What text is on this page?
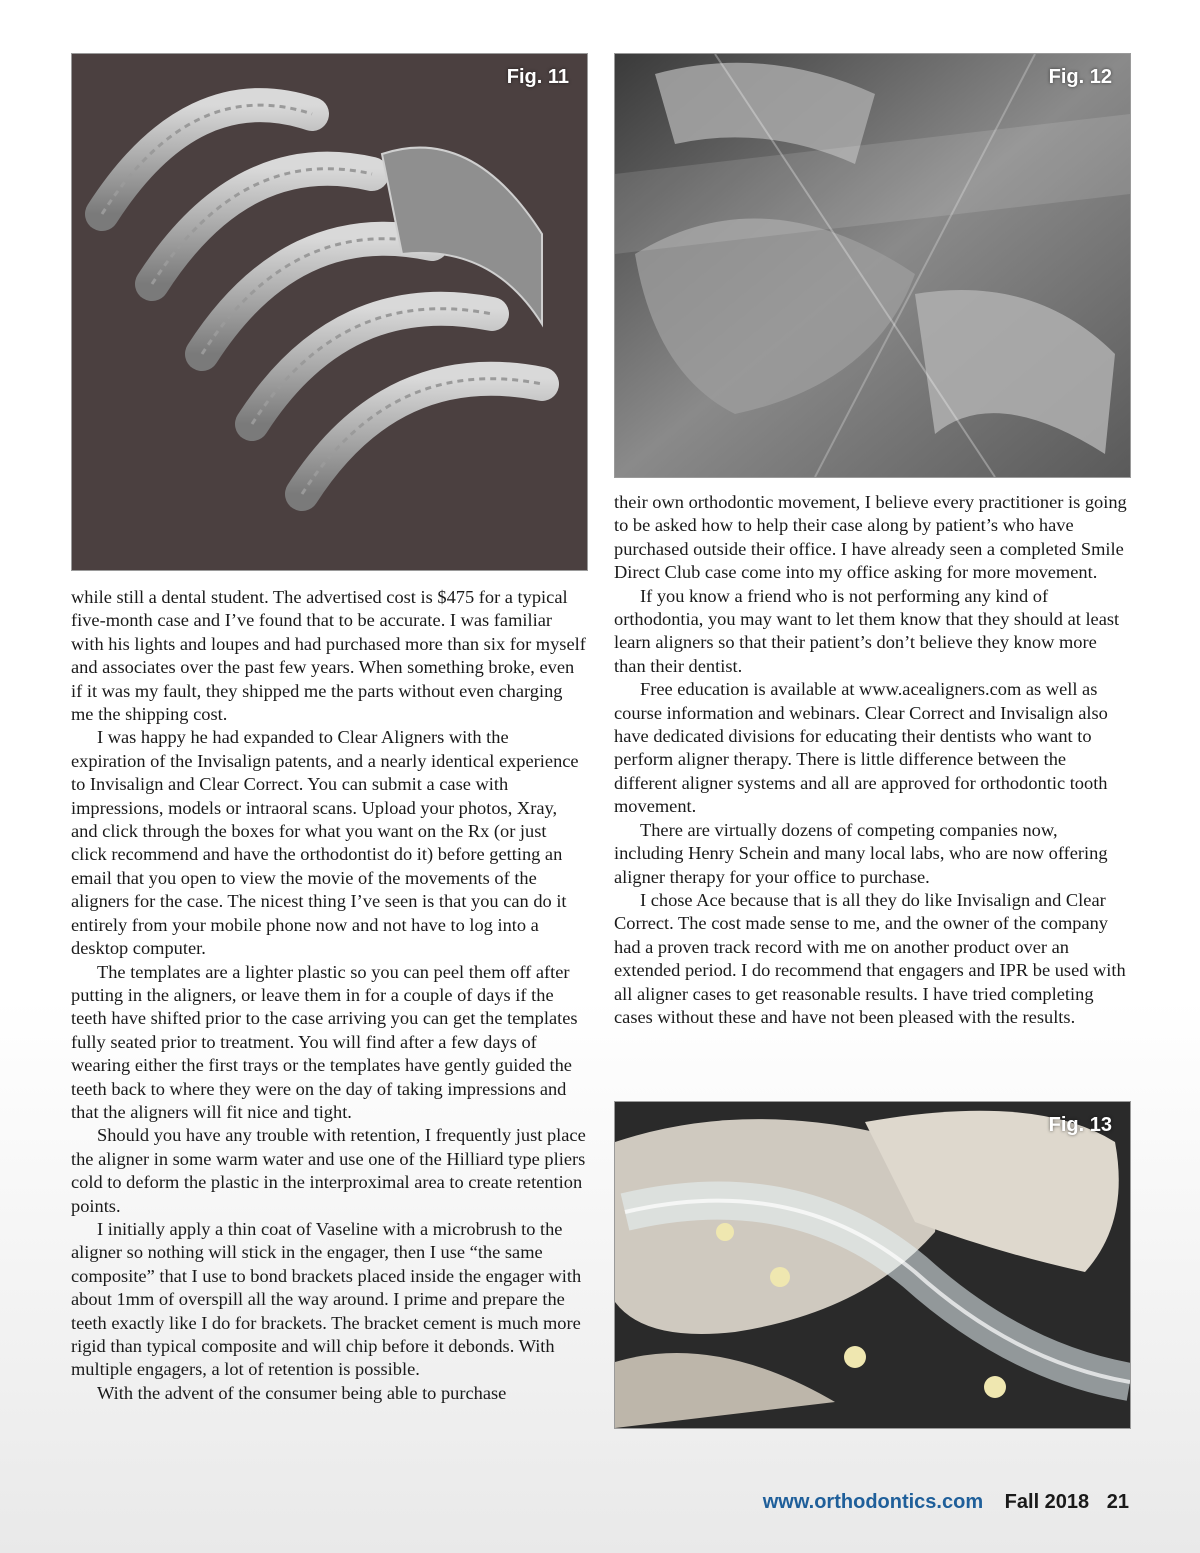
Fig. 11	Fig. 12
Fig. 13

while still a dental student. The advertised cost is $475 for a typical five-month case and I’ve found that to be accurate. I was familiar with his lights and loupes and had purchased more than six for myself and associates over the past few years. When something broke, even if it was my fault, they shipped me the parts without even charging me the shipping cost.

I was happy he had expanded to Clear Aligners with the expiration of the Invisalign patents, and a nearly identical experience to Invisalign and Clear Correct. You can submit a case with impressions, models or intraoral scans. Upload your photos, Xray, and click through the boxes for what you want on the Rx (or just click recommend and have the orthodontist do it) before getting an email that you open to view the movie of the movements of the aligners for the case. The nicest thing I’ve seen is that you can do it entirely from your mobile phone now and not have to log into a desktop computer.

The templates are a lighter plastic so you can peel them off after putting in the aligners, or leave them in for a couple of days if the teeth have shifted prior to the case arriving you can get the templates fully seated prior to treatment. You will find after a few days of wearing either the first trays or the templates have gently guided the teeth back to where they were on the day of taking impressions and that the aligners will fit nice and tight.

Should you have any trouble with retention, I frequently just place the aligner in some warm water and use one of the Hilliard type pliers cold to deform the plastic in the interproximal area to create retention points.

I initially apply a thin coat of Vaseline with a microbrush to the aligner so nothing will stick in the engager, then I use “the same composite” that I use to bond brackets placed inside the engager with about 1mm of overspill all the way around. I prime and prepare the teeth exactly like I do for brackets. The bracket cement is much more rigid than typical composite and will chip before it debonds. With multiple engagers, a lot of retention is possible.

With the advent of the consumer being able to purchase

their own orthodontic movement, I believe every practitioner is going to be asked how to help their case along by patient’s who have purchased outside their office. I have already seen a completed Smile Direct Club case come into my office asking for more movement.

If you know a friend who is not performing any kind of orthodontia, you may want to let them know that they should at least learn aligners so that their patient’s don’t believe they know more than their dentist.

Free education is available at www.acealigners.com as well as course information and webinars. Clear Correct and Invisalign also have dedicated divisions for educating their dentists who want to perform aligner therapy. There is little difference between the different aligner systems and all are approved for orthodontic tooth movement.

There are virtually dozens of competing companies now, including Henry Schein and many local labs, who are now offering aligner therapy for your office to purchase.

I chose Ace because that is all they do like Invisalign and Clear Correct. The cost made sense to me, and the owner of the company had a proven track record with me on another product over an extended period. I do recommend that engagers and IPR be used with all aligner cases to get reasonable results. I have tried completing cases without these and have not been pleased with the results.

www.orthodontics.com Fall 2018 21
